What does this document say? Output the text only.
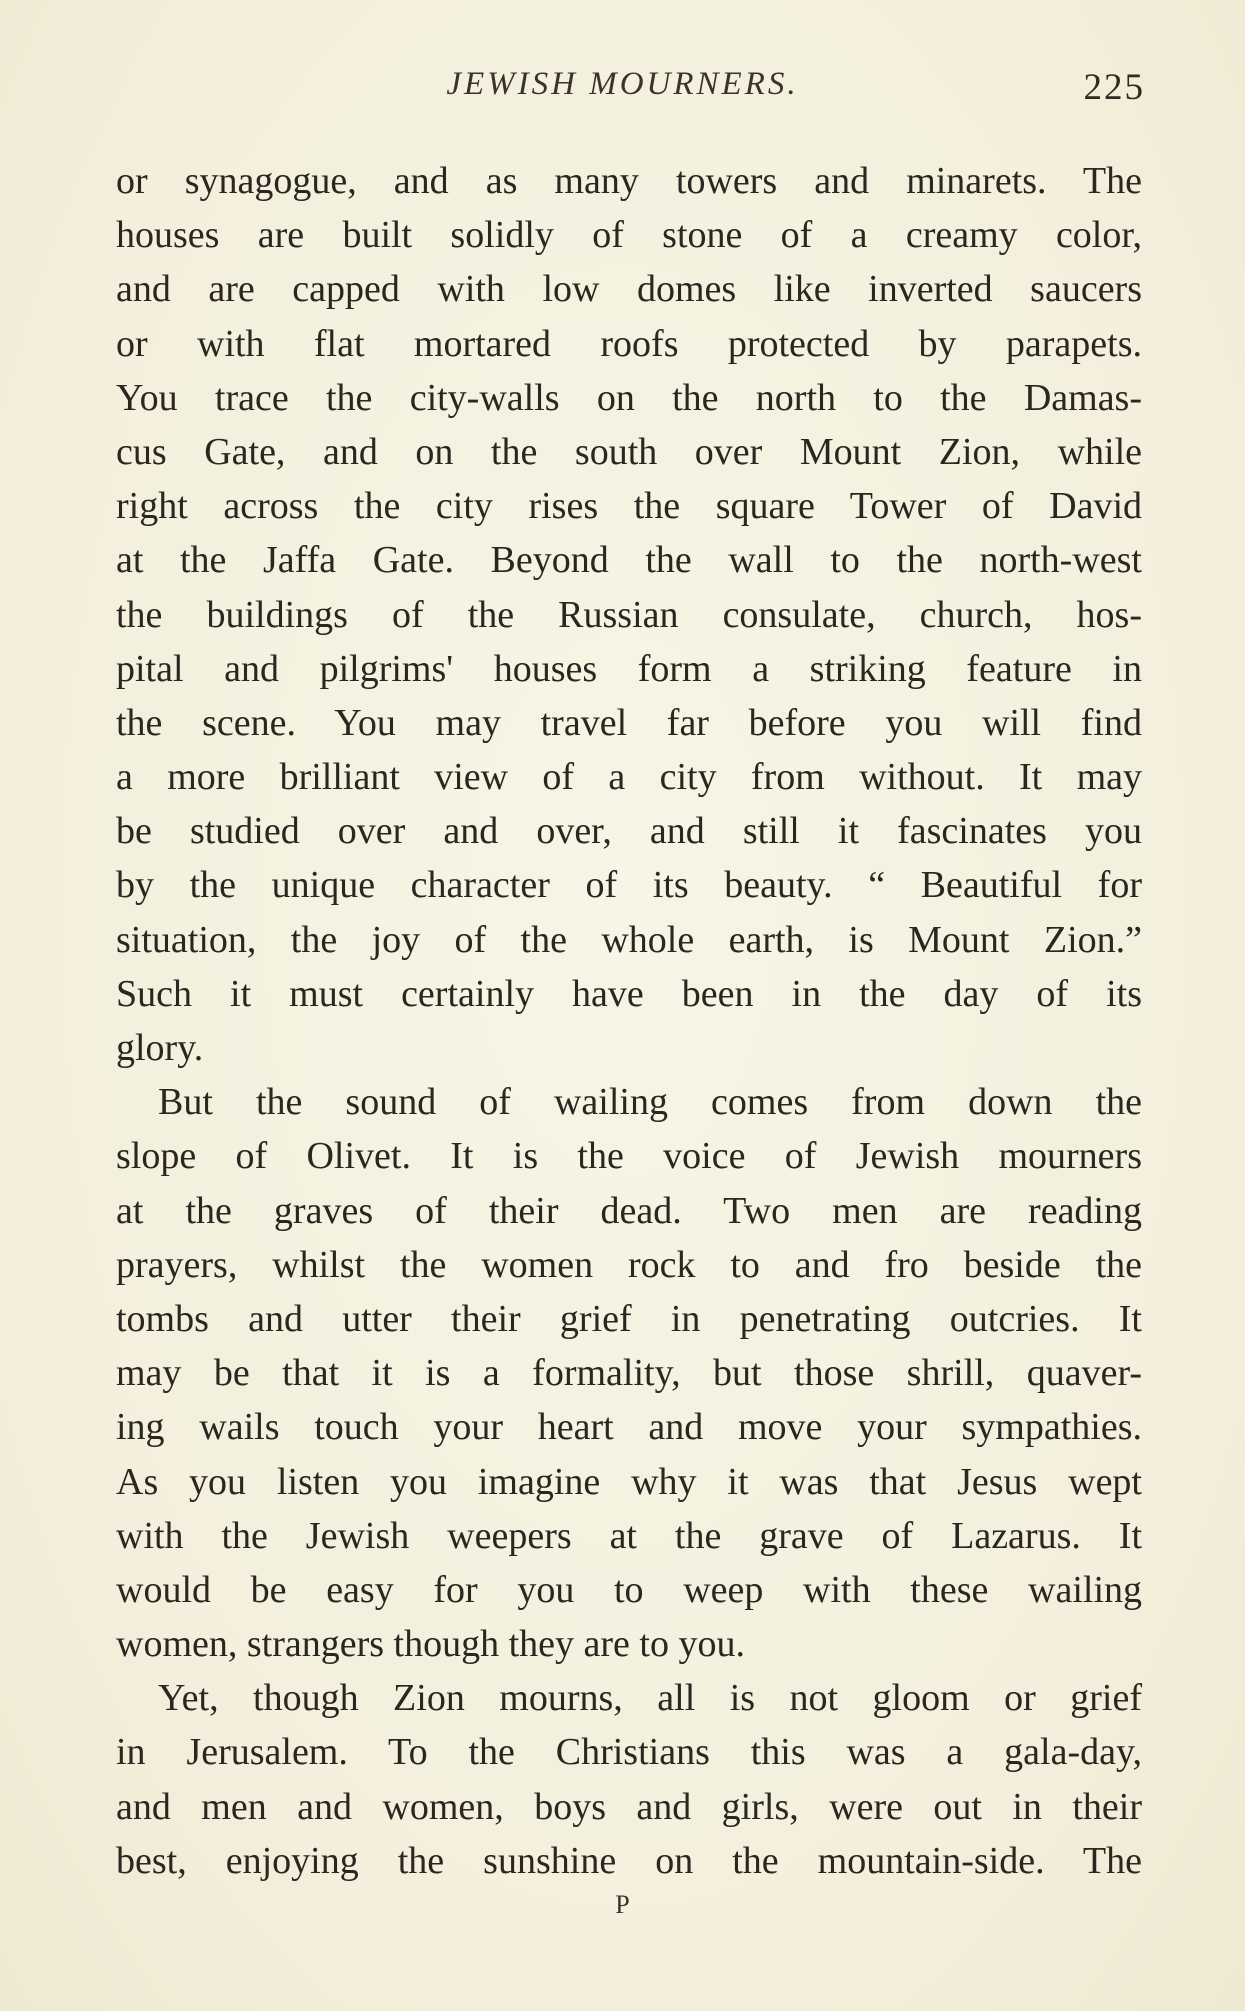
JEWISH MOURNERS.	225
or synagogue, and as many towers and minarets. The
houses are built solidly of stone of a creamy color,
and are capped with low domes like inverted saucers
or with flat mortared roofs protected by parapets.
You trace the city-walls on the north to the Damas-
cus Gate, and on the south over Mount Zion, while
right across the city rises the square Tower of David
at the Jaffa Gate. Beyond the wall to the north-west
the buildings of the Russian consulate, church, hos-
pital and pilgrims' houses form a striking feature in
the scene. You may travel far before you will find
a more brilliant view of a city from without. It may
be studied over and over, and still it fascinates you
by the unique character of its beauty. “ Beautiful for
situation, the joy of the whole earth, is Mount Zion.”
Such it must certainly have been in the day of its
glory.
But the sound of wailing comes from down the
slope of Olivet. It is the voice of Jewish mourners
at the graves of their dead. Two men are reading
prayers, whilst the women rock to and fro beside the
tombs and utter their grief in penetrating outcries. It
may be that it is a formality, but those shrill, quaver-
ing wails touch your heart and move your sympathies.
As you listen you imagine why it was that Jesus wept
with the Jewish weepers at the grave of Lazarus. It
would be easy for you to weep with these wailing
women, strangers though they are to you.
Yet, though Zion mourns, all is not gloom or grief
in Jerusalem. To the Christians this was a gala-day,
and men and women, boys and girls, were out in their
best, enjoying the sunshine on the mountain-side. The
P
